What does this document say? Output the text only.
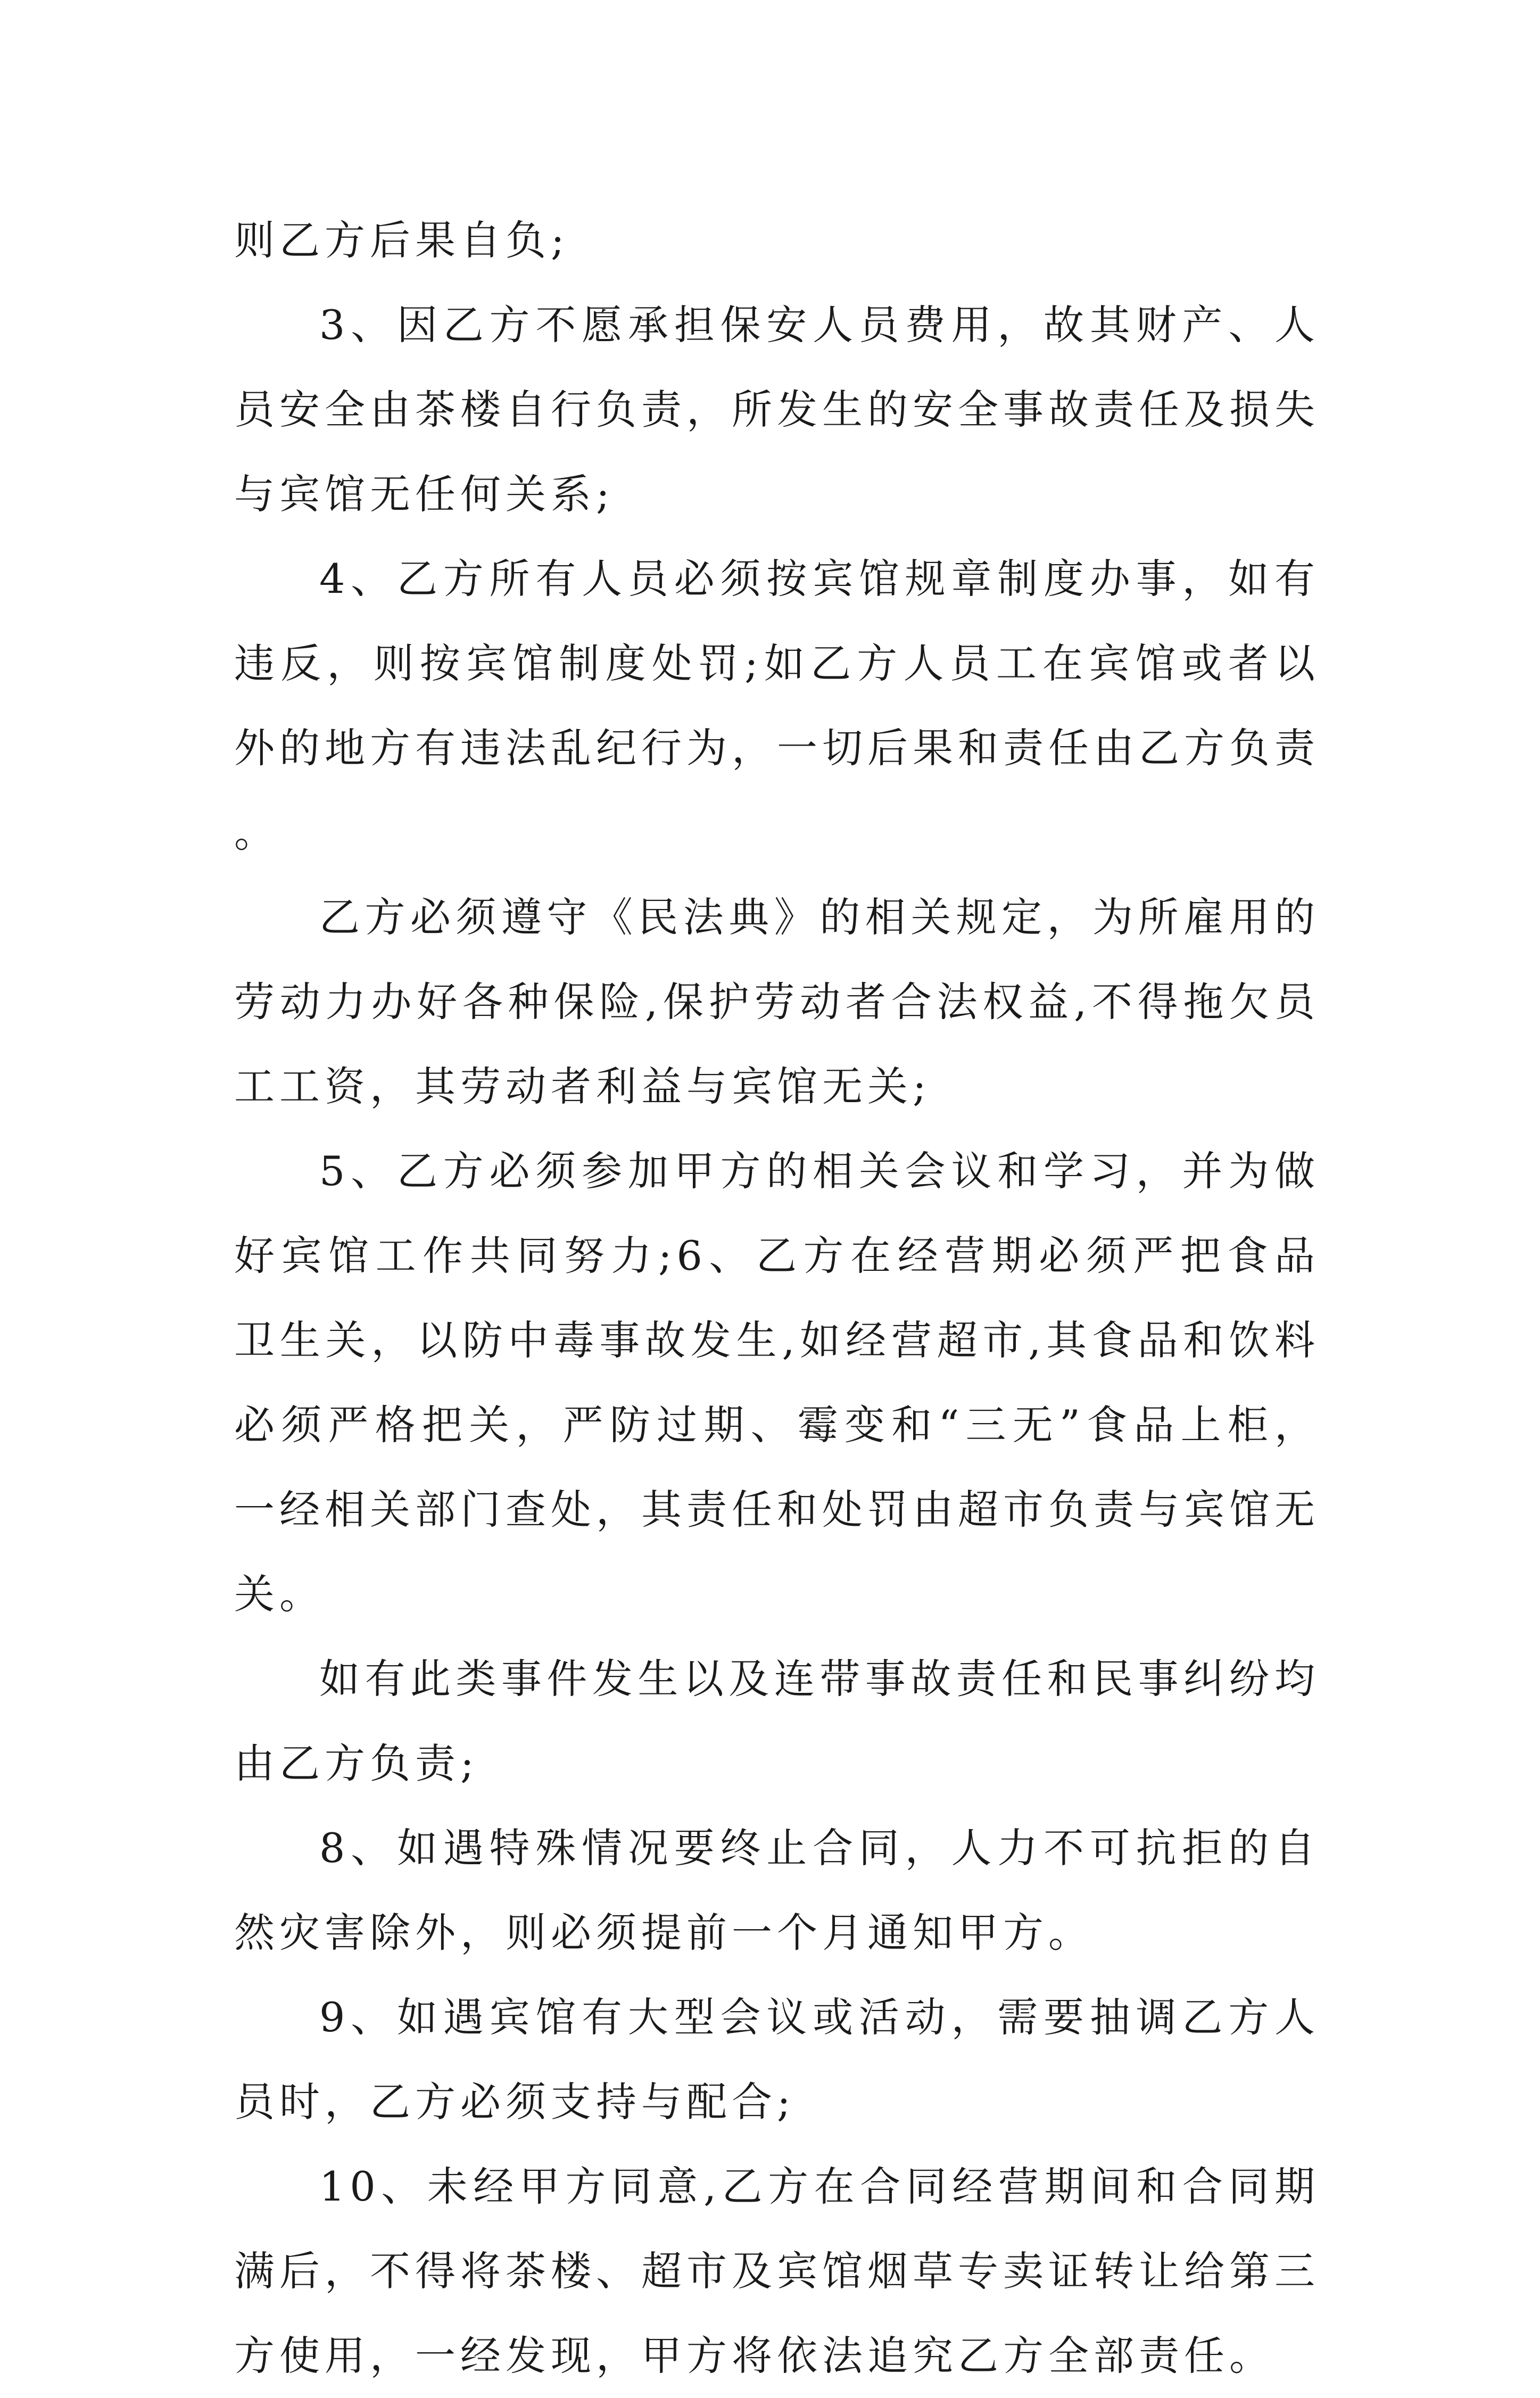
则乙方后果自负;

3、因乙方不愿承担保安人员费用，故其财产、人员安全由茶楼自行负责，所发生的安全事故责任及损失与宾馆无任何关系;

4、乙方所有人员必须按宾馆规章制度办事，如有违反，则按宾馆制度处罚;如乙方人员工在宾馆或者以外的地方有违法乱纪行为，一切后果和责任由乙方负责。

乙方必须遵守《民法典》的相关规定，为所雇用的劳动力办好各种保险,保护劳动者合法权益,不得拖欠员工工资，其劳动者利益与宾馆无关;

5、乙方必须参加甲方的相关会议和学习，并为做好宾馆工作共同努力;6、乙方在经营期必须严把食品卫生关，以防中毒事故发生,如经营超市,其食品和饮料必须严格把关，严防过期、霉变和“三无”食品上柜，一经相关部门查处，其责任和处罚由超市负责与宾馆无关。

如有此类事件发生以及连带事故责任和民事纠纷均由乙方负责;

8、如遇特殊情况要终止合同，人力不可抗拒的自然灾害除外，则必须提前一个月通知甲方。

9、如遇宾馆有大型会议或活动，需要抽调乙方人员时，乙方必须支持与配合;

10、未经甲方同意,乙方在合同经营期间和合同期满后，不得将茶楼、超市及宾馆烟草专卖证转让给第三方使用，一经发现，甲方将依法追究乙方全部责任。
